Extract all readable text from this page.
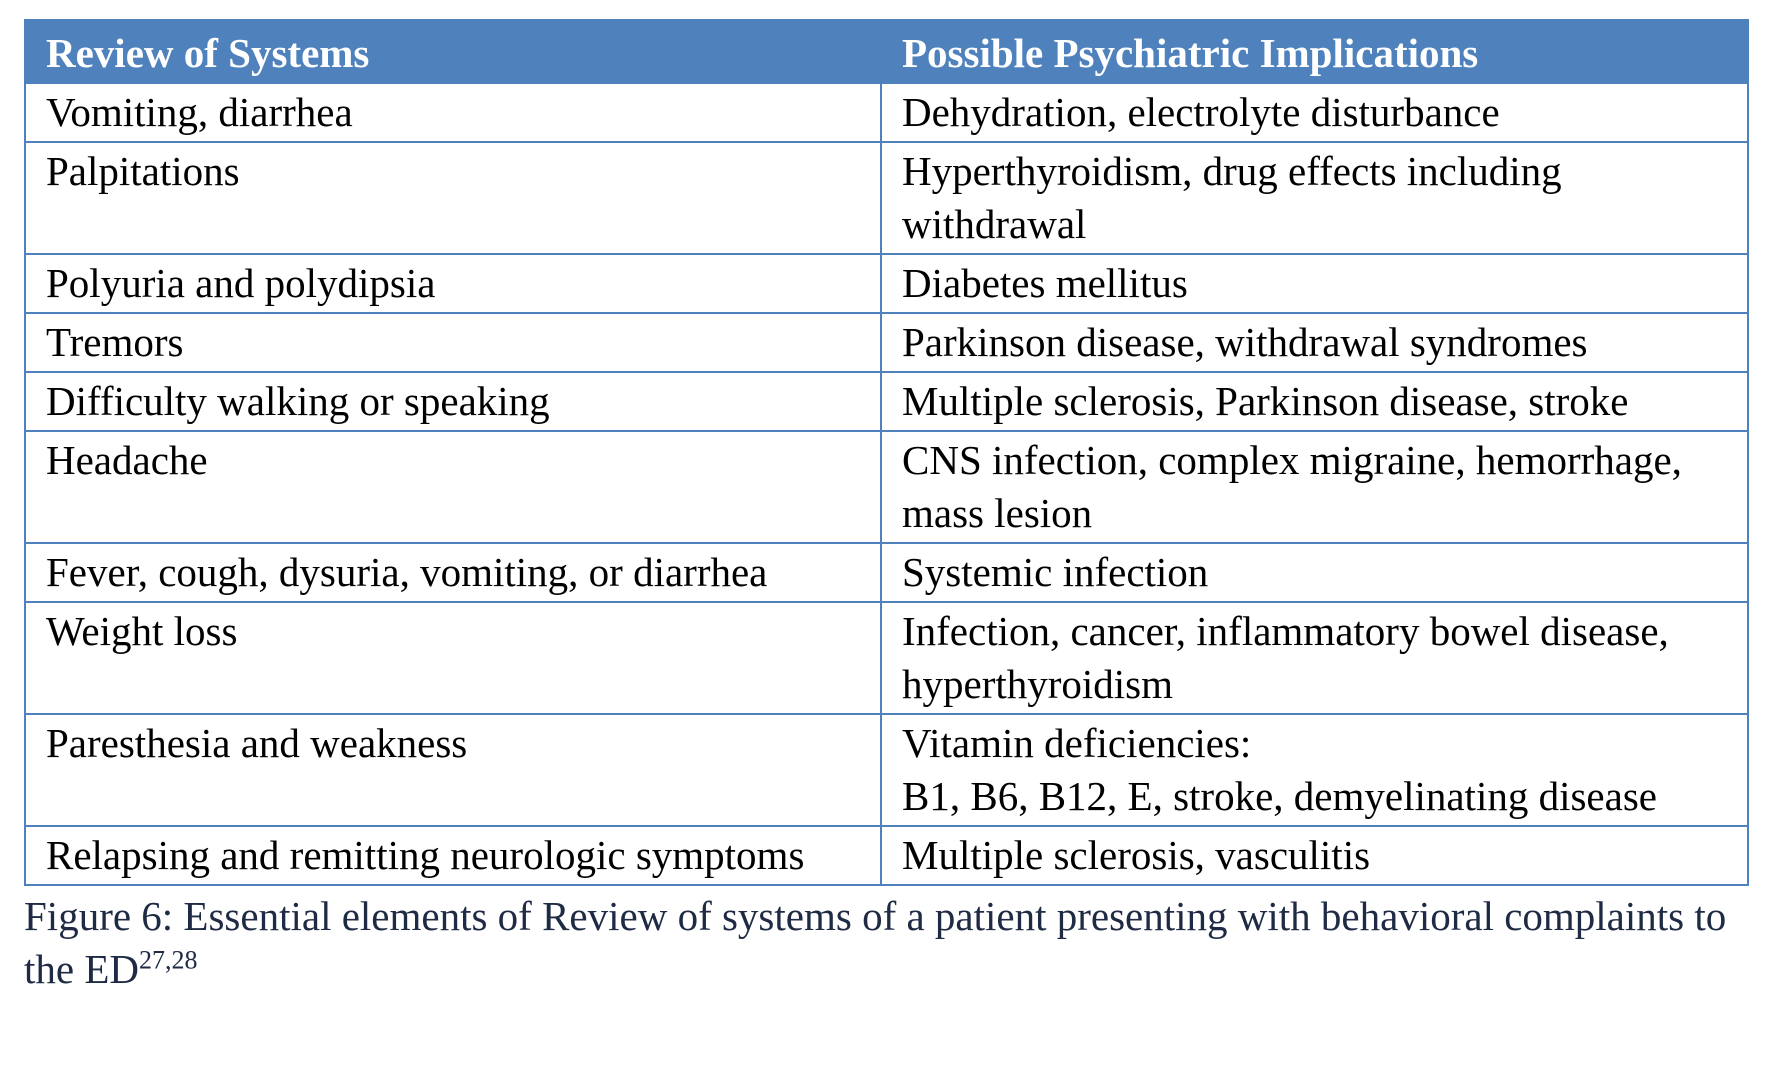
Review of Systems	Possible Psychiatric Implications
Vomiting, diarrhea	Dehydration, electrolyte disturbance

Palpitations	Hyperthyroidism, drug effects including withdrawal

Polyuria and polydipsia	Diabetes mellitus

Tremors	Parkinson disease, withdrawal syndromes

Difficulty walking or speaking	Multiple sclerosis, Parkinson disease, stroke

Headache	CNS infection, complex migraine, hemorrhage, mass lesion

Fever, cough, dysuria, vomiting, or diarrhea	Systemic infection

Weight loss	Infection, cancer, inflammatory bowel disease, hyperthyroidism

Paresthesia and weakness	Vitamin deficiencies:
B1, B6, B12, E, stroke, demyelinating disease

Relapsing and remitting neurologic symptoms	Multiple sclerosis, vasculitis
Figure 6: Essential elements of Review of systems of a patient presenting with behavioral complaints to the ED$^{27,28}$
